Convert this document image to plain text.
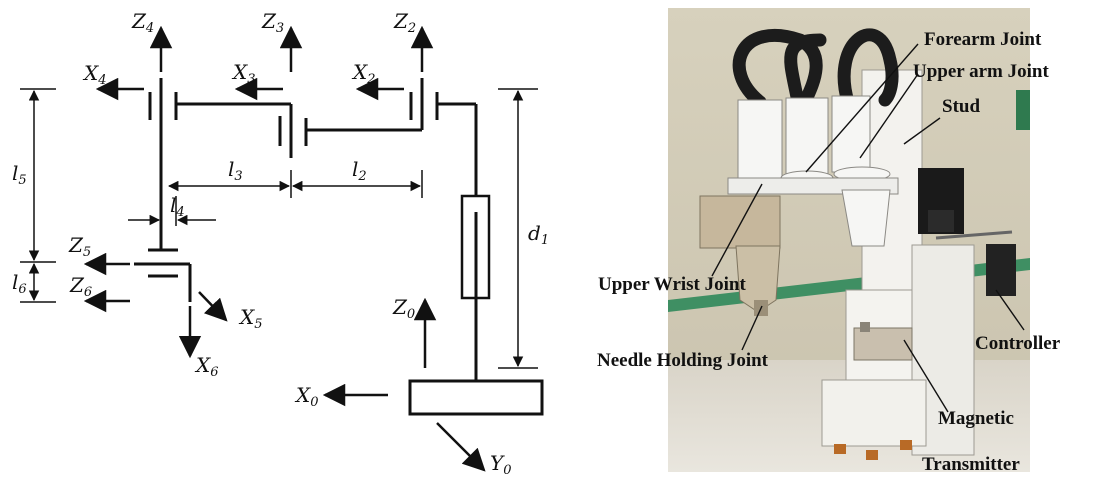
$Z_4$	$Z_3$	$Z_2$
$X_4$	$X_3$	$X_2$
$Z_5$
$Z_6$
$X_5$
$X_6$
$Z_0$
$X_0$
$Y_0$
$l_5$
$l_6$
$l_4$
$l_3$	$l_2$
$d_1$
Forearm Joint
Upper arm Joint
Stud
Upper Wrist Joint
Needle Holding Joint
Controller
Magnetic
Transmitter
